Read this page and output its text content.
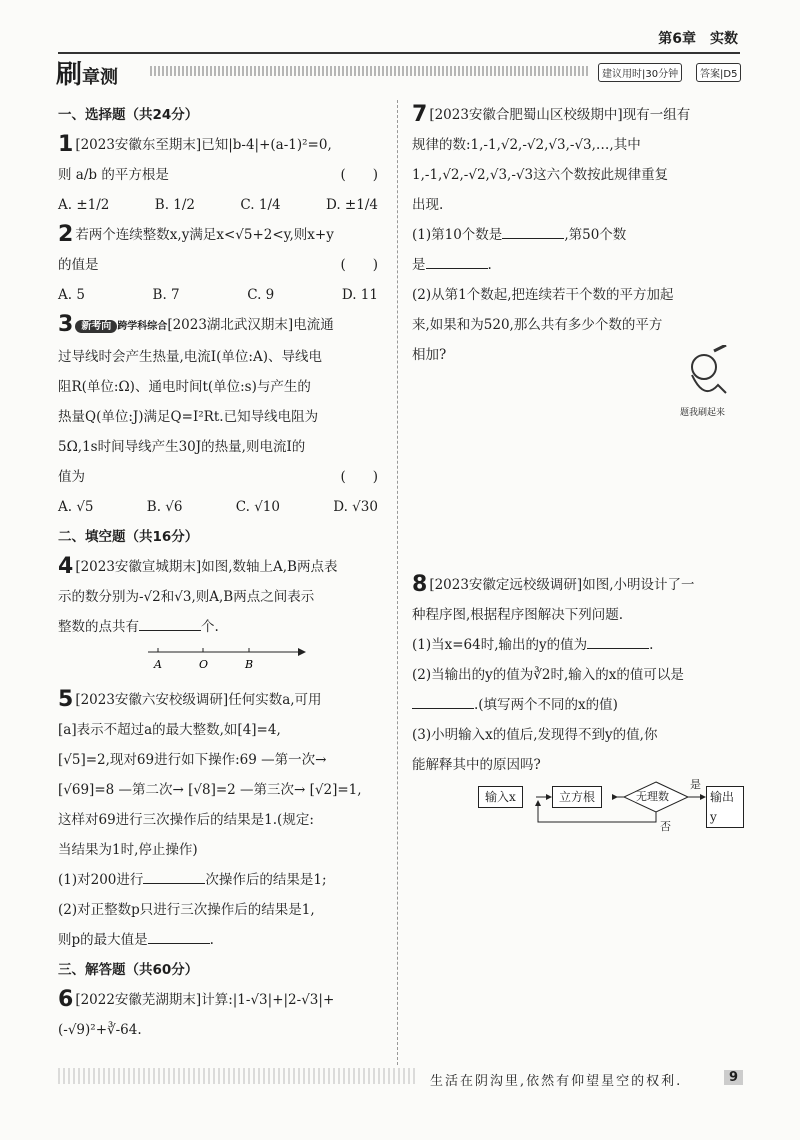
第6章　实数
刷章测	建议用时|30分钟	答案|D5
一、选择题（共24分）

1 [2023安徽东至期末]已知|b-4|+(a-1)²=0,

则 a/b 的平方根是	(　　)

A. ±1/2	B. 1/2	C. 1/4	D. ±1/4

2 若两个连续整数x,y满足x<√5+2<y,则x+y

的值是	(　　)

A. 5	B. 7	C. 9	D. 11

3 新考向 跨学科综合[2023湖北武汉期末]电流通

过导线时会产生热量,电流I(单位:A)、导线电

阻R(单位:Ω)、通电时间t(单位:s)与产生的

热量Q(单位:J)满足Q=I²Rt.已知导线电阻为

5Ω,1s时间导线产生30J的热量,则电流I的

值为	(　　)

A. √5	B. √6	C. √10	D. √30
二、填空题（共16分）

4 [2023安徽宣城期末]如图,数轴上A,B两点表

示的数分别为-√2和√3,则A,B两点之间表示

整数的点共有	个.

A	O	B

5 [2023安徽六安校级调研]任何实数a,可用

[a]表示不超过a的最大整数,如[4]=4,

[√5]=2,现对69进行如下操作:69 —第一次→

[√69]=8 —第二次→ [√8]=2 —第三次→ [√2]=1,

这样对69进行三次操作后的结果是1.(规定:

当结果为1时,停止操作)

(1)对200进行	次操作后的结果是1;

(2)对正整数p只进行三次操作后的结果是1,

则p的最大值是	.

三、解答题（共60分）

6 [2022安徽芜湖期末]计算:|1-√3|+|2-√3|+

(-√9)²+∛-64.

7 [2023安徽合肥蜀山区校级期中]现有一组有

规律的数:1,-1,√2,-√2,√3,-√3,…,其中

1,-1,√2,-√2,√3,-√3这六个数按此规律重复

出现.

(1)第10个数是	,第50个数

是	.

(2)从第1个数起,把连续若干个数的平方加起

来,如果和为520,那么共有多少个数的平方

相加?

8 [2023安徽定远校级调研]如图,小明设计了一

种程序图,根据程序图解决下列问题.

(1)当x=64时,输出的y的值为	.

(2)当输出的y的值为∛2时,输入的x的值可以是

.(填写两个不同的x的值)

(3)小明输入x的值后,发现得不到y的值,你

能解释其中的原因吗?

输入x	立方根	无理数
是
否
输出y
题我刷起来
生活在阴沟里,依然有仰望星空的权利.	9
